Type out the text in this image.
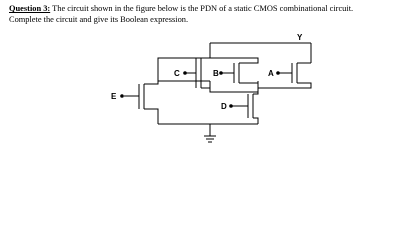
Question 3: The circuit shown in the figure below is the PDN of a static CMOS combinational circuit.
Complete the circuit and give its Boolean expression.
Y
E
C	B	A
D
